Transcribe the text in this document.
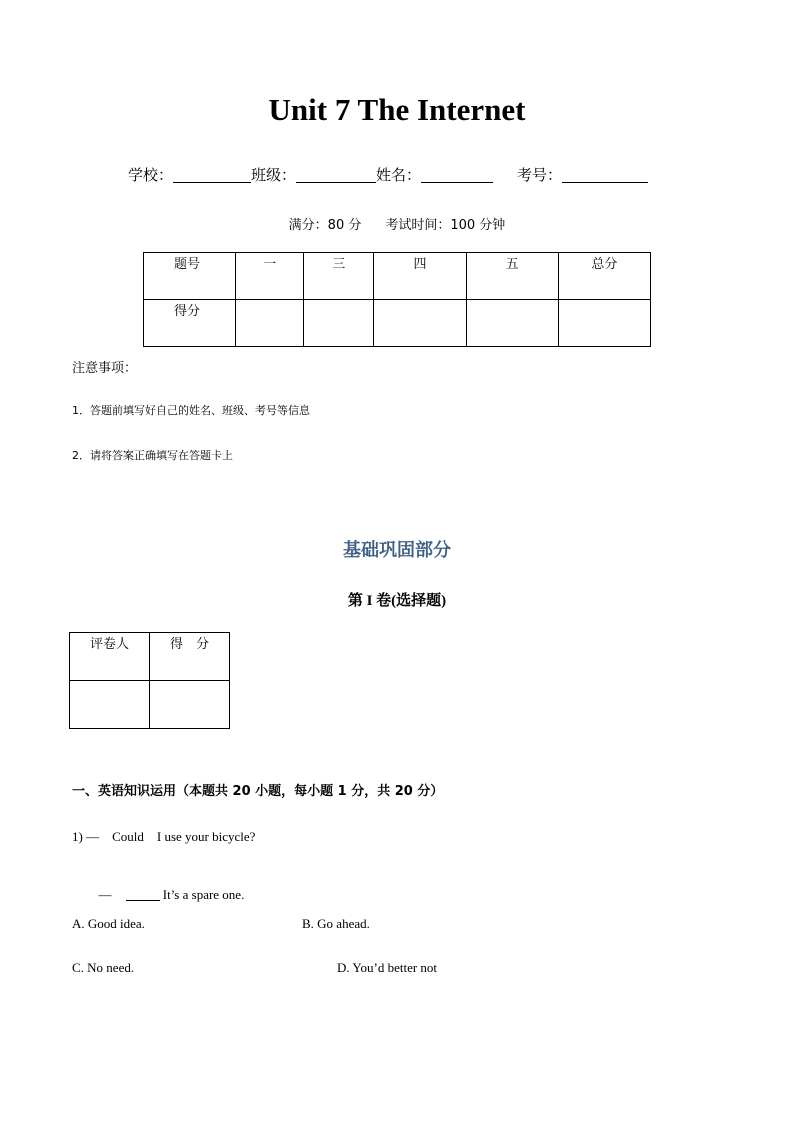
Unit 7 The Internet
学校：	班级：	姓名：	考号：
满分：80 分 考试时间：100 分钟
题号	一	三	四	五	总分
得分					
注意事项：
1．答题前填写好自己的姓名、班级、考号等信息
2．请将答案正确填写在答题卡上
基础巩固部分
第 I 卷(选择题)
评卷人	得　分

一、英语知识运用（本题共 20 小题，每小题 1 分，共 20 分）
1) —　Could　I use your bicycle?

—	It’s a spare one.

A. Good idea.	B. Go ahead.
C. No need.	D. You’d better not
